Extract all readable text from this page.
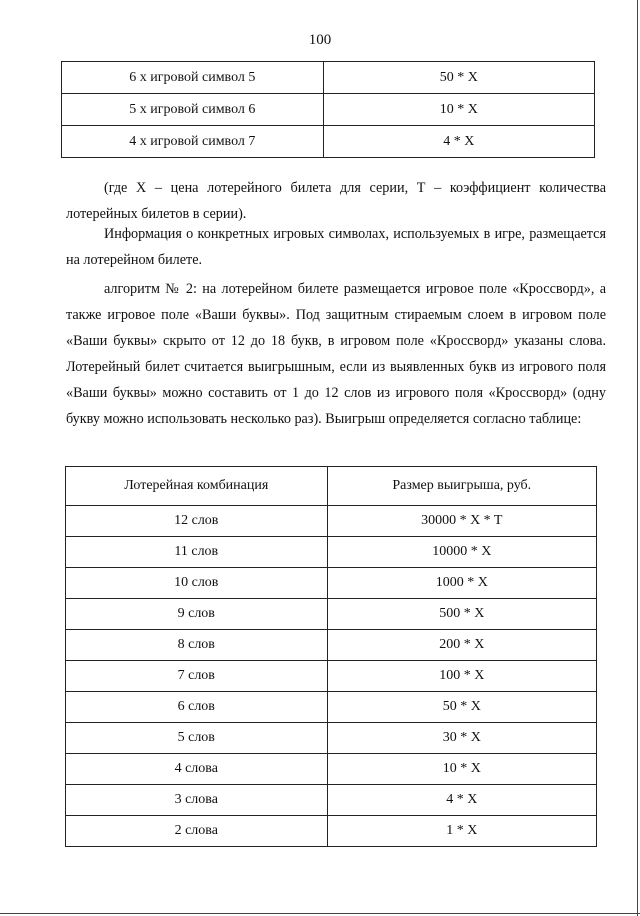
100
6 х игровой символ 5	50 * X
5 х игровой символ 6	10 * X
4 х игровой символ 7	4 * X
(где X – цена лотерейного билета для серии, Т – коэффициент количества лотерейных билетов в серии).
Информация о конкретных игровых символах, используемых в игре, размещается на лотерейном билете.
алгоритм № 2: на лотерейном билете размещается игровое поле «Кроссворд», а также игровое поле «Ваши буквы». Под защитным стираемым слоем в игровом поле «Ваши буквы» скрыто от 12 до 18 букв, в игровом поле «Кроссворд» указаны слова. Лотерейный билет считается выигрышным, если из выявленных букв из игрового поля «Ваши буквы» можно составить от 1 до 12 слов из игрового поля «Кроссворд» (одну букву можно использовать несколько раз). Выигрыш определяется согласно таблице:
Лотерейная комбинация	Размер выигрыша, руб.
12 слов	30000 * X * T
11 слов	10000 * X
10 слов	1000 * X
9 слов	500 * X
8 слов	200 * X
7 слов	100 * X
6 слов	50 * X
5 слов	30 * X
4 слова	10 * X
3 слова	4 * X
2 слова	1 * X
